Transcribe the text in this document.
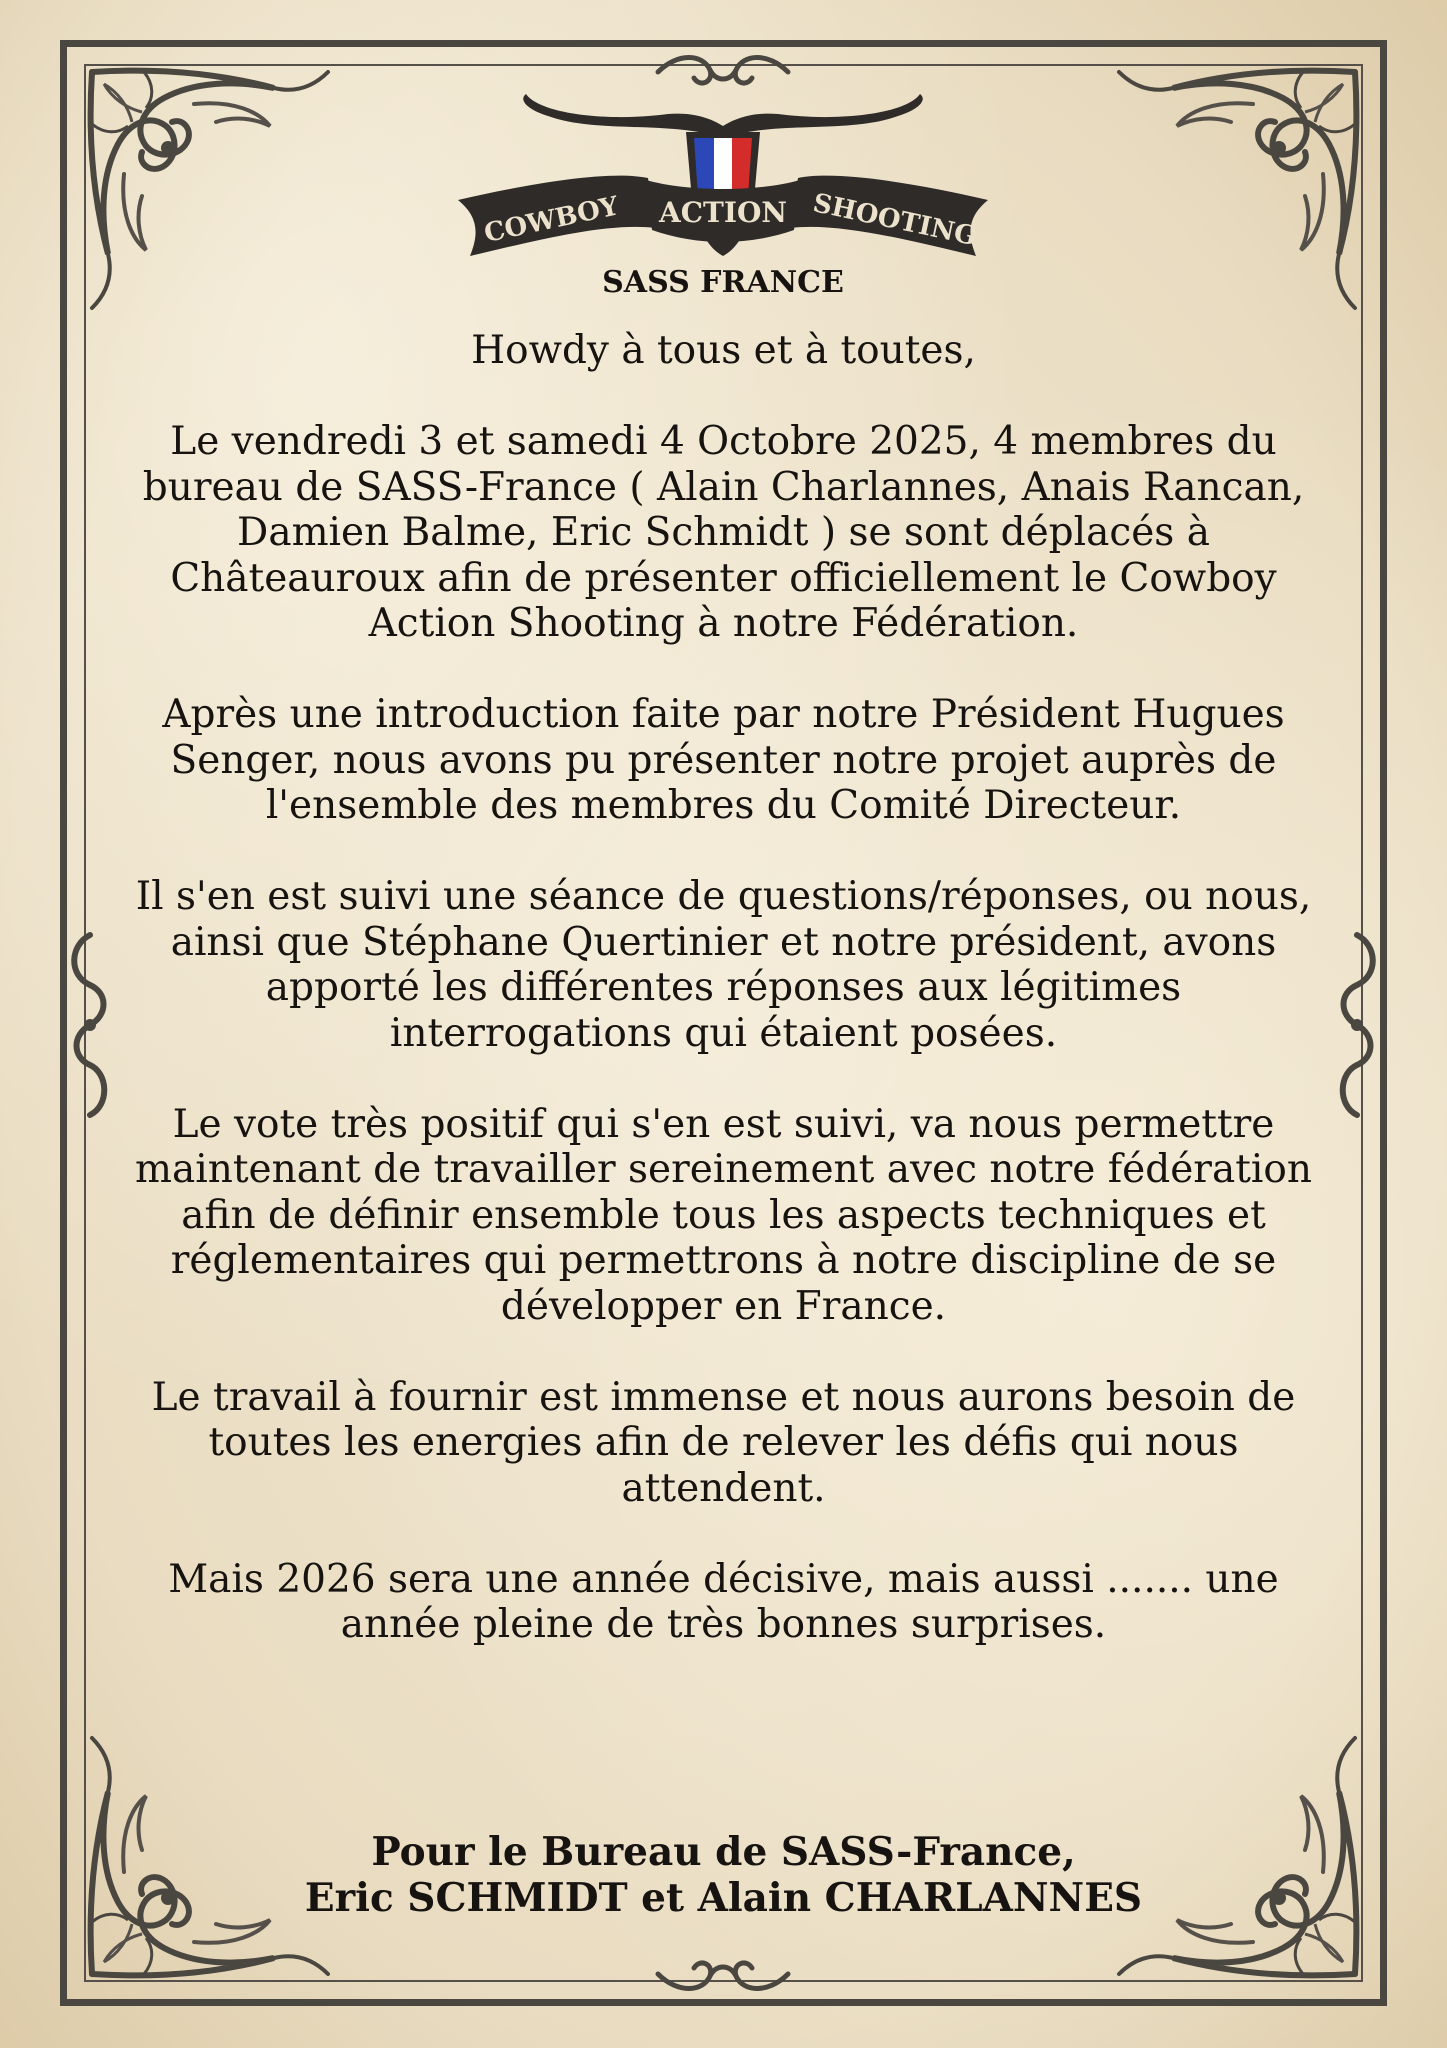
COWBOY ACTION SHOOTING
SASS FRANCE

Howdy à tous et à toutes,

Le vendredi 3 et samedi 4 Octobre 2025, 4 membres du bureau de SASS-France ( Alain Charlannes, Anais Rancan, Damien Balme, Eric Schmidt ) se sont déplacés à Châteauroux afin de présenter officiellement le Cowboy Action Shooting à notre Fédération.

Après une introduction faite par notre Président Hugues Senger, nous avons pu présenter notre projet auprès de l'ensemble des membres du Comité Directeur.

Il s'en est suivi une séance de questions/réponses, ou nous, ainsi que Stéphane Quertinier et notre président, avons apporté les différentes réponses aux légitimes interrogations qui étaient posées.

Le vote très positif qui s'en est suivi, va nous permettre maintenant de travailler sereinement avec notre fédération afin de définir ensemble tous les aspects techniques et réglementaires qui permettrons à notre discipline de se développer en France.

Le travail à fournir est immense et nous aurons besoin de toutes les energies afin de relever les défis qui nous attendent.

Mais 2026 sera une année décisive, mais aussi ....... une année pleine de très bonnes surprises.

Pour le Bureau de SASS-France,
Eric SCHMIDT et Alain CHARLANNES
